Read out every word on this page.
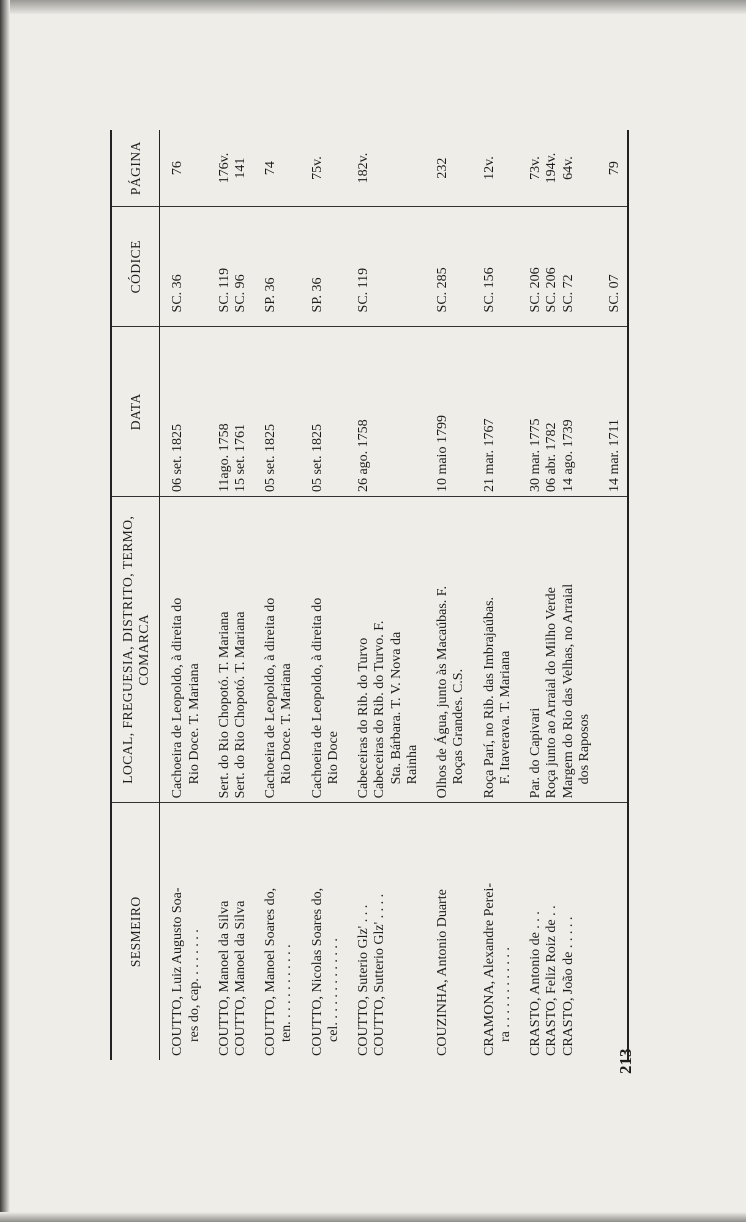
213
SESMEIRO	LOCAL, FREGUESIA, DISTRITO, TERMO, COMARCA	DATA	CÓDICE	PÁGINA

COUTTO, Luiz Augusto Soa- res do, cap. . . . . . . .	Cachoeira de Leopoldo, à direita do Rio Doce. T. Mariana	06 set. 1825	SC. 36	76

COUTTO, Manoel da Silva	Sert. do Rio Chopotó. T. Mariana	11ago. 1758	SC. 119	176v.

COUTTO, Manoel da Silva	Sert. do Rio Chopotó. T. Mariana	15 set. 1761	SC. 96	141

COUTTO, Manoel Soares do, ten. . . . . . . . . . . .	Cachoeira de Leopoldo, à direita do Rio Doce. T. Mariana	05 set. 1825	SP. 36	74

COUTTO, Nicolas Soares do, cel. . . . . . . . . . . . .	Cachoeira de Leopoldo, à direita do Rio Doce	05 set. 1825	SP. 36	75v.

COUTTO, Suterio Glz' . . .	Cabeceiras do Rib. do Turvo	26 ago. 1758	SC. 119	182v.

COUTTO, Sutterio Glz' . . . .	Cabeceiras do Rib. do Turvo. F. Sta. Bárbara. T. V. Nova da Rainha			

COUZINHA, Antonio Duarte	Olhos de Água, junto às Macaúbas. F. Roças Grandes. C.S.	10 maio 1799	SC. 285	232

CRAMONA, Alexandre Perei- ra . . . . . . . . . . . .	Roça Parí, no Rib. das Imbrajaúbas. F. Itaverava. T. Mariana	21 mar. 1767	SC. 156	12v.

CRASTO, Antonio de . . .	Par. do Capivari	30 mar. 1775	SC. 206	73v.

CRASTO, Feliz Roiz de . .	Roça junto ao Arraial do Milho Verde	06 abr. 1782	SC. 206	194v.

CRASTO, João de . . . . .	Margem do Rio das Velhas, no Arraial dos Raposos	14 ago. 1739	SC. 72	64v.

		14 mar. 1711	SC. 07	79
